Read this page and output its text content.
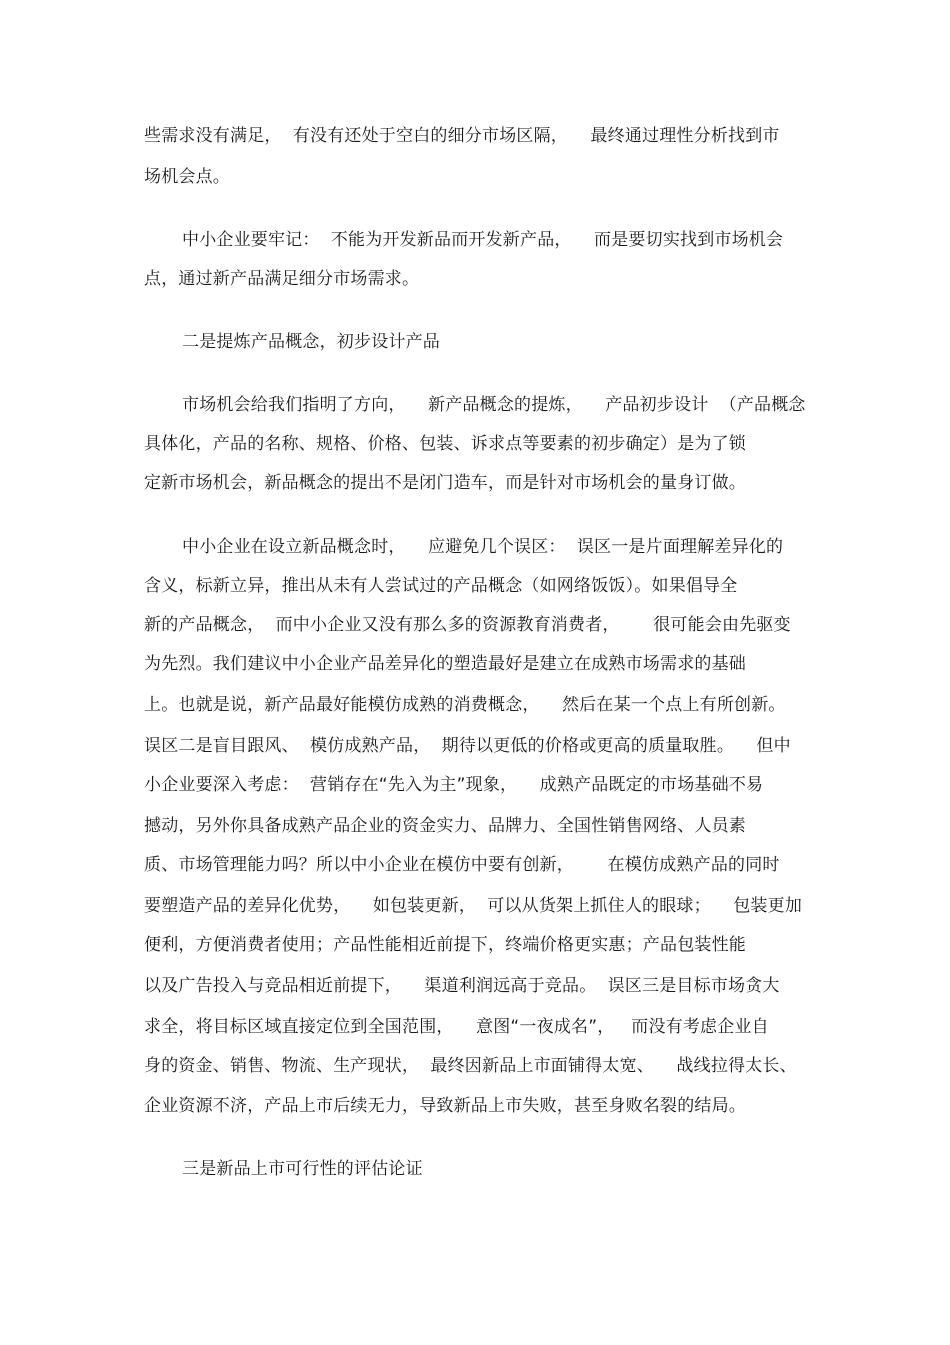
些需求没有满足，  有没有还处于空白的细分市场区隔，    最终通过理性分析找到市
场机会点。
中小企业要牢记：  不能为开发新品而开发新产品，    而是要切实找到市场机会
点，通过新产品满足细分市场需求。
二是提炼产品概念，初步设计产品
市场机会给我们指明了方向，    新产品概念的提炼，    产品初步设计  （产品概念
具体化，产品的名称、规格、价格、包装、诉求点等要素的初步确定）是为了锁
定新市场机会，新品概念的提出不是闭门造车，而是针对市场机会的量身订做。
中小企业在设立新品概念时，    应避免几个误区：  误区一是片面理解差异化的
含义，标新立异，推出从未有人尝试过的产品概念（如网络饭饭）。如果倡导全
新的产品概念，  而中小企业又没有那么多的资源教育消费者，      很可能会由先驱变
为先烈。我们建议中小企业产品差异化的塑造最好是建立在成熟市场需求的基础
上。也就是说，新产品最好能模仿成熟的消费概念，    然后在某一个点上有所创新。
误区二是盲目跟风、  模仿成熟产品，  期待以更低的价格或更高的质量取胜。    但中
小企业要深入考虑：  营销存在“先入为主”现象，    成熟产品既定的市场基础不易
撼动，另外你具备成熟产品企业的资金实力、品牌力、全国性销售网络、人员素
质、市场管理能力吗？所以中小企业在模仿中要有创新，      在模仿成熟产品的同时
要塑造产品的差异化优势，    如包装更新，  可以从货架上抓住人的眼球；    包装更加
便利，方便消费者使用；产品性能相近前提下，终端价格更实惠；产品包装性能
以及广告投入与竞品相近前提下，    渠道利润远高于竞品。  误区三是目标市场贪大
求全，将目标区域直接定位到全国范围，    意图“一夜成名”，   而没有考虑企业自
身的资金、销售、物流、生产现状，  最终因新品上市面铺得太宽、    战线拉得太长、
企业资源不济，产品上市后续无力，导致新品上市失败，甚至身败名裂的结局。
三是新品上市可行性的评估论证
